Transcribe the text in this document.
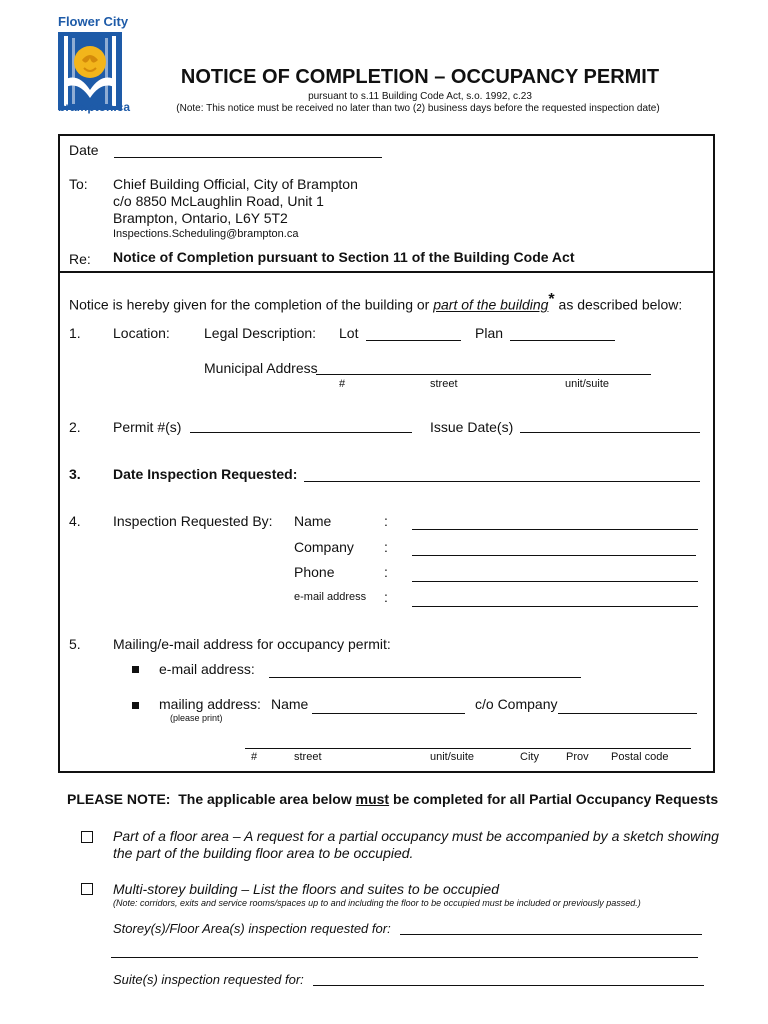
Flower City
brampton.ca
NOTICE OF COMPLETION – OCCUPANCY PERMIT
pursuant to s.11 Building Code Act, s.o. 1992, c.23
(Note: This notice must be received no later than two (2) business days before the requested inspection date)
Date
To: Chief Building Official, City of Brampton
c/o 8850 McLaughlin Road, Unit 1
Brampton, Ontario, L6Y 5T2
Inspections.Scheduling@brampton.ca
Re: Notice of Completion pursuant to Section 11 of the Building Code Act
Notice is hereby given for the completion of the building or part of the building* as described below:
1. Location: Legal Description: Lot	Plan
Municipal Address
#	street	unit/suite
2. Permit #(s)	Issue Date(s)
3. Date Inspection Requested:
4. Inspection Requested By: Name	:
Company :
Phone	:
e-mail address :
5. Mailing/e-mail address for occupancy permit:
e-mail address:
mailing address:
(please print)
Name	c/o Company
#	street	unit/suite	City Prov Postal code
PLEASE NOTE:  The applicable area below must be completed for all Partial Occupancy Requests
Part of a floor area – A request for a partial occupancy must be accompanied by a sketch showing
the part of the building floor area to be occupied.
Multi-storey building – List the floors and suites to be occupied
(Note: corridors, exits and service rooms/spaces up to and including the floor to be occupied must be included or previously passed.)
Storey(s)/Floor Area(s) inspection requested for:
Suite(s) inspection requested for:
